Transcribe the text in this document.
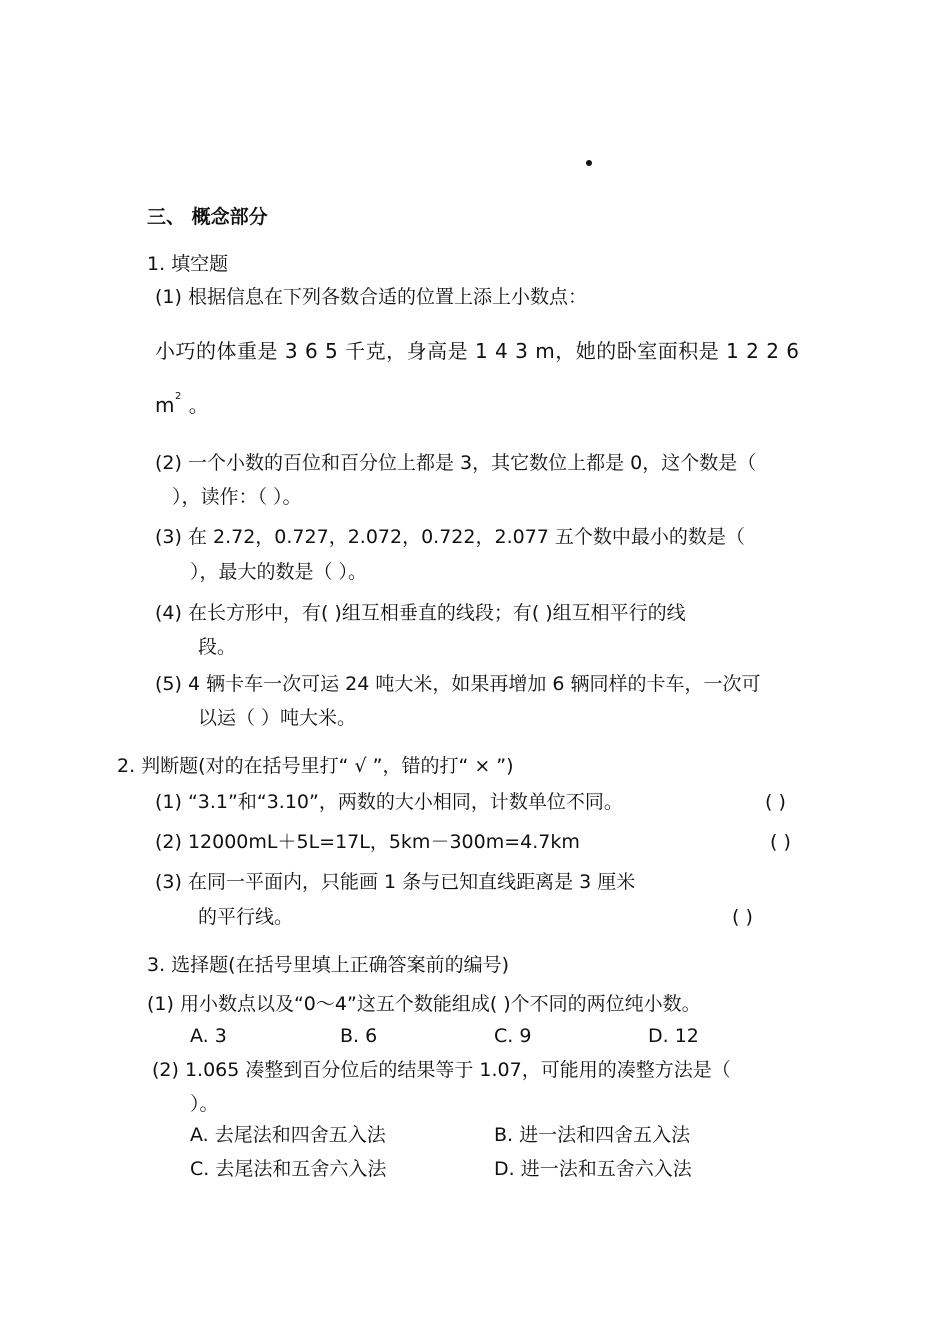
三、 概念部分
1. 填空题
(1) 根据信息在下列各数合适的位置上添上小数点：
小巧的体重是 3 6 5 千克，身高是 1 4 3 m，她的卧室面积是 1 2 2 6
$m^2$ 。
(2) 一个小数的百位和百分位上都是 3，其它数位上都是 0，这个数是（
），读作：（ ）。
(3) 在 2.72，0.727，2.072，0.722，2.077 五个数中最小的数是（
），最大的数是（ ）。
(4) 在长方形中，有( )组互相垂直的线段；有( )组互相平行的线
段。
(5) 4 辆卡车一次可运 24 吨大米，如果再增加 6 辆同样的卡车，一次可
以运（ ）吨大米。
2. 判断题(对的在括号里打“ √ ”，错的打“ × ”)
(1) “3.1”和“3.10”，两数的大小相同，计数单位不同。	( )
(2) 12000mL＋5L=17L，5km－300m=4.7km	( )
(3) 在同一平面内，只能画 1 条与已知直线距离是 3 厘米
的平行线。	( )
3. 选择题(在括号里填上正确答案前的编号)
(1) 用小数点以及“0～4”这五个数能组成( )个不同的两位纯小数。
A. 3	B. 6	C. 9	D. 12
(2) 1.065 凑整到百分位后的结果等于 1.07，可能用的凑整方法是（
）。
A. 去尾法和四舍五入法	B. 进一法和四舍五入法
C. 去尾法和五舍六入法	D. 进一法和五舍六入法
